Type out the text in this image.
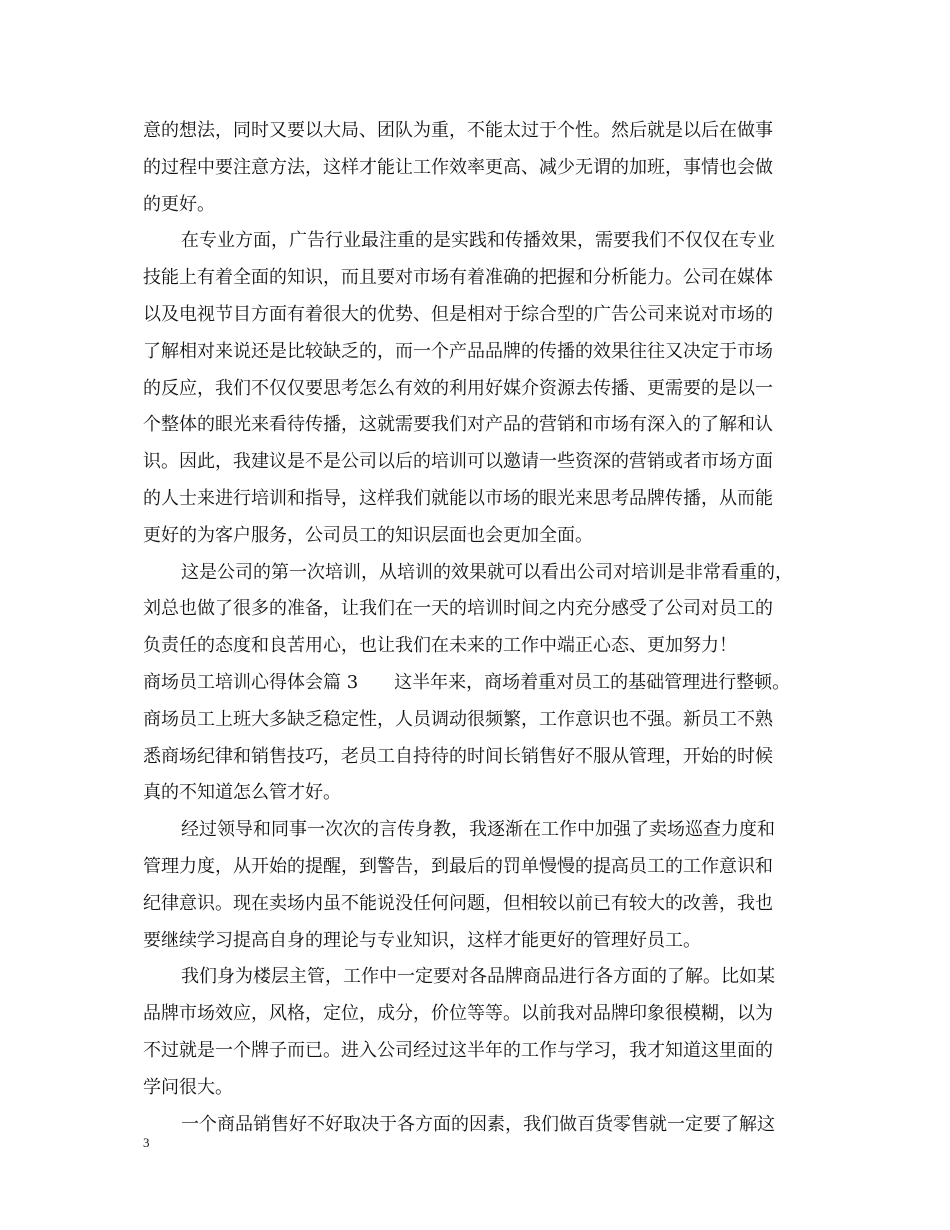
意的想法，同时又要以大局、团队为重，不能太过于个性。然后就是以后在做事
的过程中要注意方法，这样才能让工作效率更高、减少无谓的加班，事情也会做
的更好。
在专业方面，广告行业最注重的是实践和传播效果，需要我们不仅仅在专业
技能上有着全面的知识，而且要对市场有着准确的把握和分析能力。公司在媒体
以及电视节目方面有着很大的优势、但是相对于综合型的广告公司来说对市场的
了解相对来说还是比较缺乏的，而一个产品品牌的传播的效果往往又决定于市场
的反应，我们不仅仅要思考怎么有效的利用好媒介资源去传播、更需要的是以一
个整体的眼光来看待传播，这就需要我们对产品的营销和市场有深入的了解和认
识。因此，我建议是不是公司以后的培训可以邀请一些资深的营销或者市场方面
的人士来进行培训和指导，这样我们就能以市场的眼光来思考品牌传播，从而能
更好的为客户服务，公司员工的知识层面也会更加全面。
这是公司的第一次培训，从培训的效果就可以看出公司对培训是非常看重的，
刘总也做了很多的准备，让我们在一天的培训时间之内充分感受了公司对员工的
负责任的态度和良苦用心，也让我们在未来的工作中端正心态、更加努力！
商场员工培训心得体会篇 3　　这半年来，商场着重对员工的基础管理进行整顿。
商场员工上班大多缺乏稳定性，人员调动很频繁，工作意识也不强。新员工不熟
悉商场纪律和销售技巧，老员工自持待的时间长销售好不服从管理，开始的时候
真的不知道怎么管才好。
经过领导和同事一次次的言传身教，我逐渐在工作中加强了卖场巡查力度和
管理力度，从开始的提醒，到警告，到最后的罚单慢慢的提高员工的工作意识和
纪律意识。现在卖场内虽不能说没任何问题，但相较以前已有较大的改善，我也
要继续学习提高自身的理论与专业知识，这样才能更好的管理好员工。
我们身为楼层主管，工作中一定要对各品牌商品进行各方面的了解。比如某
品牌市场效应，风格，定位，成分，价位等等。以前我对品牌印象很模糊，以为
不过就是一个牌子而已。进入公司经过这半年的工作与学习，我才知道这里面的
学问很大。
一个商品销售好不好取决于各方面的因素，我们做百货零售就一定要了解这
3
